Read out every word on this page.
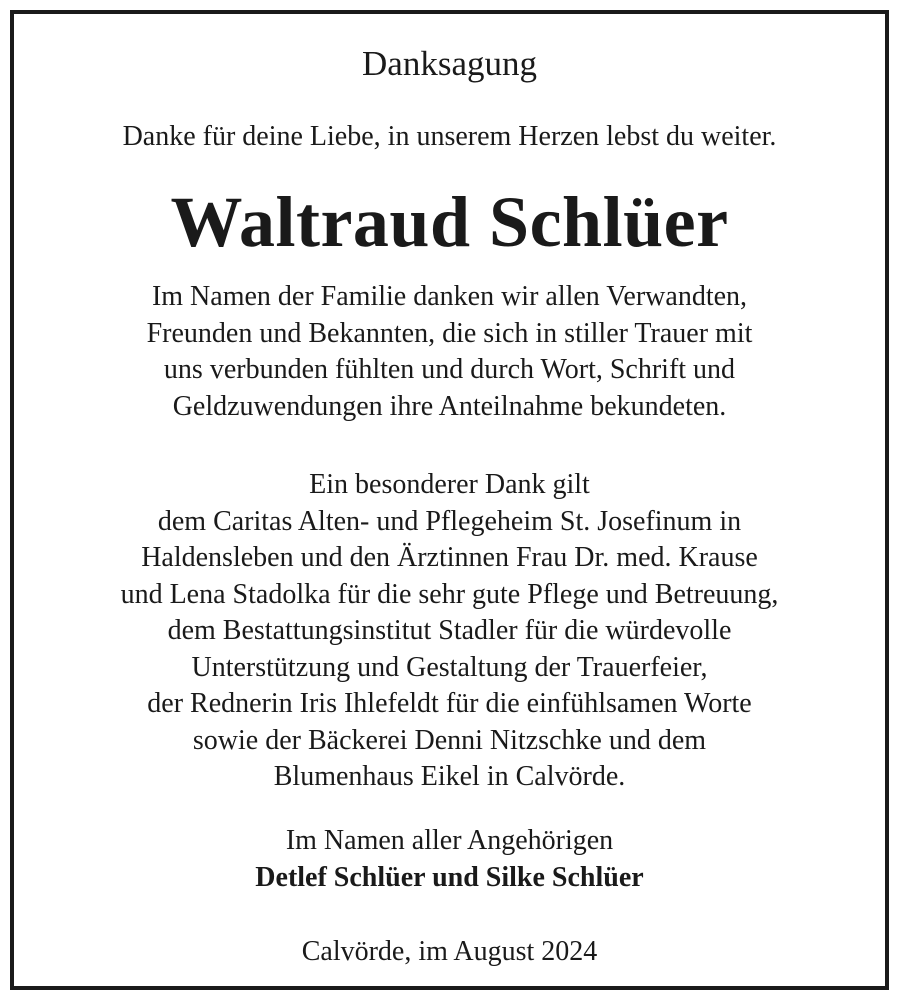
Danksagung
Danke für deine Liebe, in unserem Herzen lebst du weiter.
Waltraud Schlüer
Im Namen der Familie danken wir allen Verwandten,
Freunden und Bekannten, die sich in stiller Trauer mit
uns verbunden fühlten und durch Wort, Schrift und
Geldzuwendungen ihre Anteilnahme bekundeten.
Ein besonderer Dank gilt
dem Caritas Alten- und Pflegeheim St. Josefinum in
Haldensleben und den Ärztinnen Frau Dr. med. Krause
und Lena Stadolka für die sehr gute Pflege und Betreuung,
dem Bestattungsinstitut Stadler für die würdevolle
Unterstützung und Gestaltung der Trauerfeier,
der Rednerin Iris Ihlefeldt für die einfühlsamen Worte
sowie der Bäckerei Denni Nitzschke und dem
Blumenhaus Eikel in Calvörde.
Im Namen aller Angehörigen
Detlef Schlüer und Silke Schlüer
Calvörde, im August 2024
